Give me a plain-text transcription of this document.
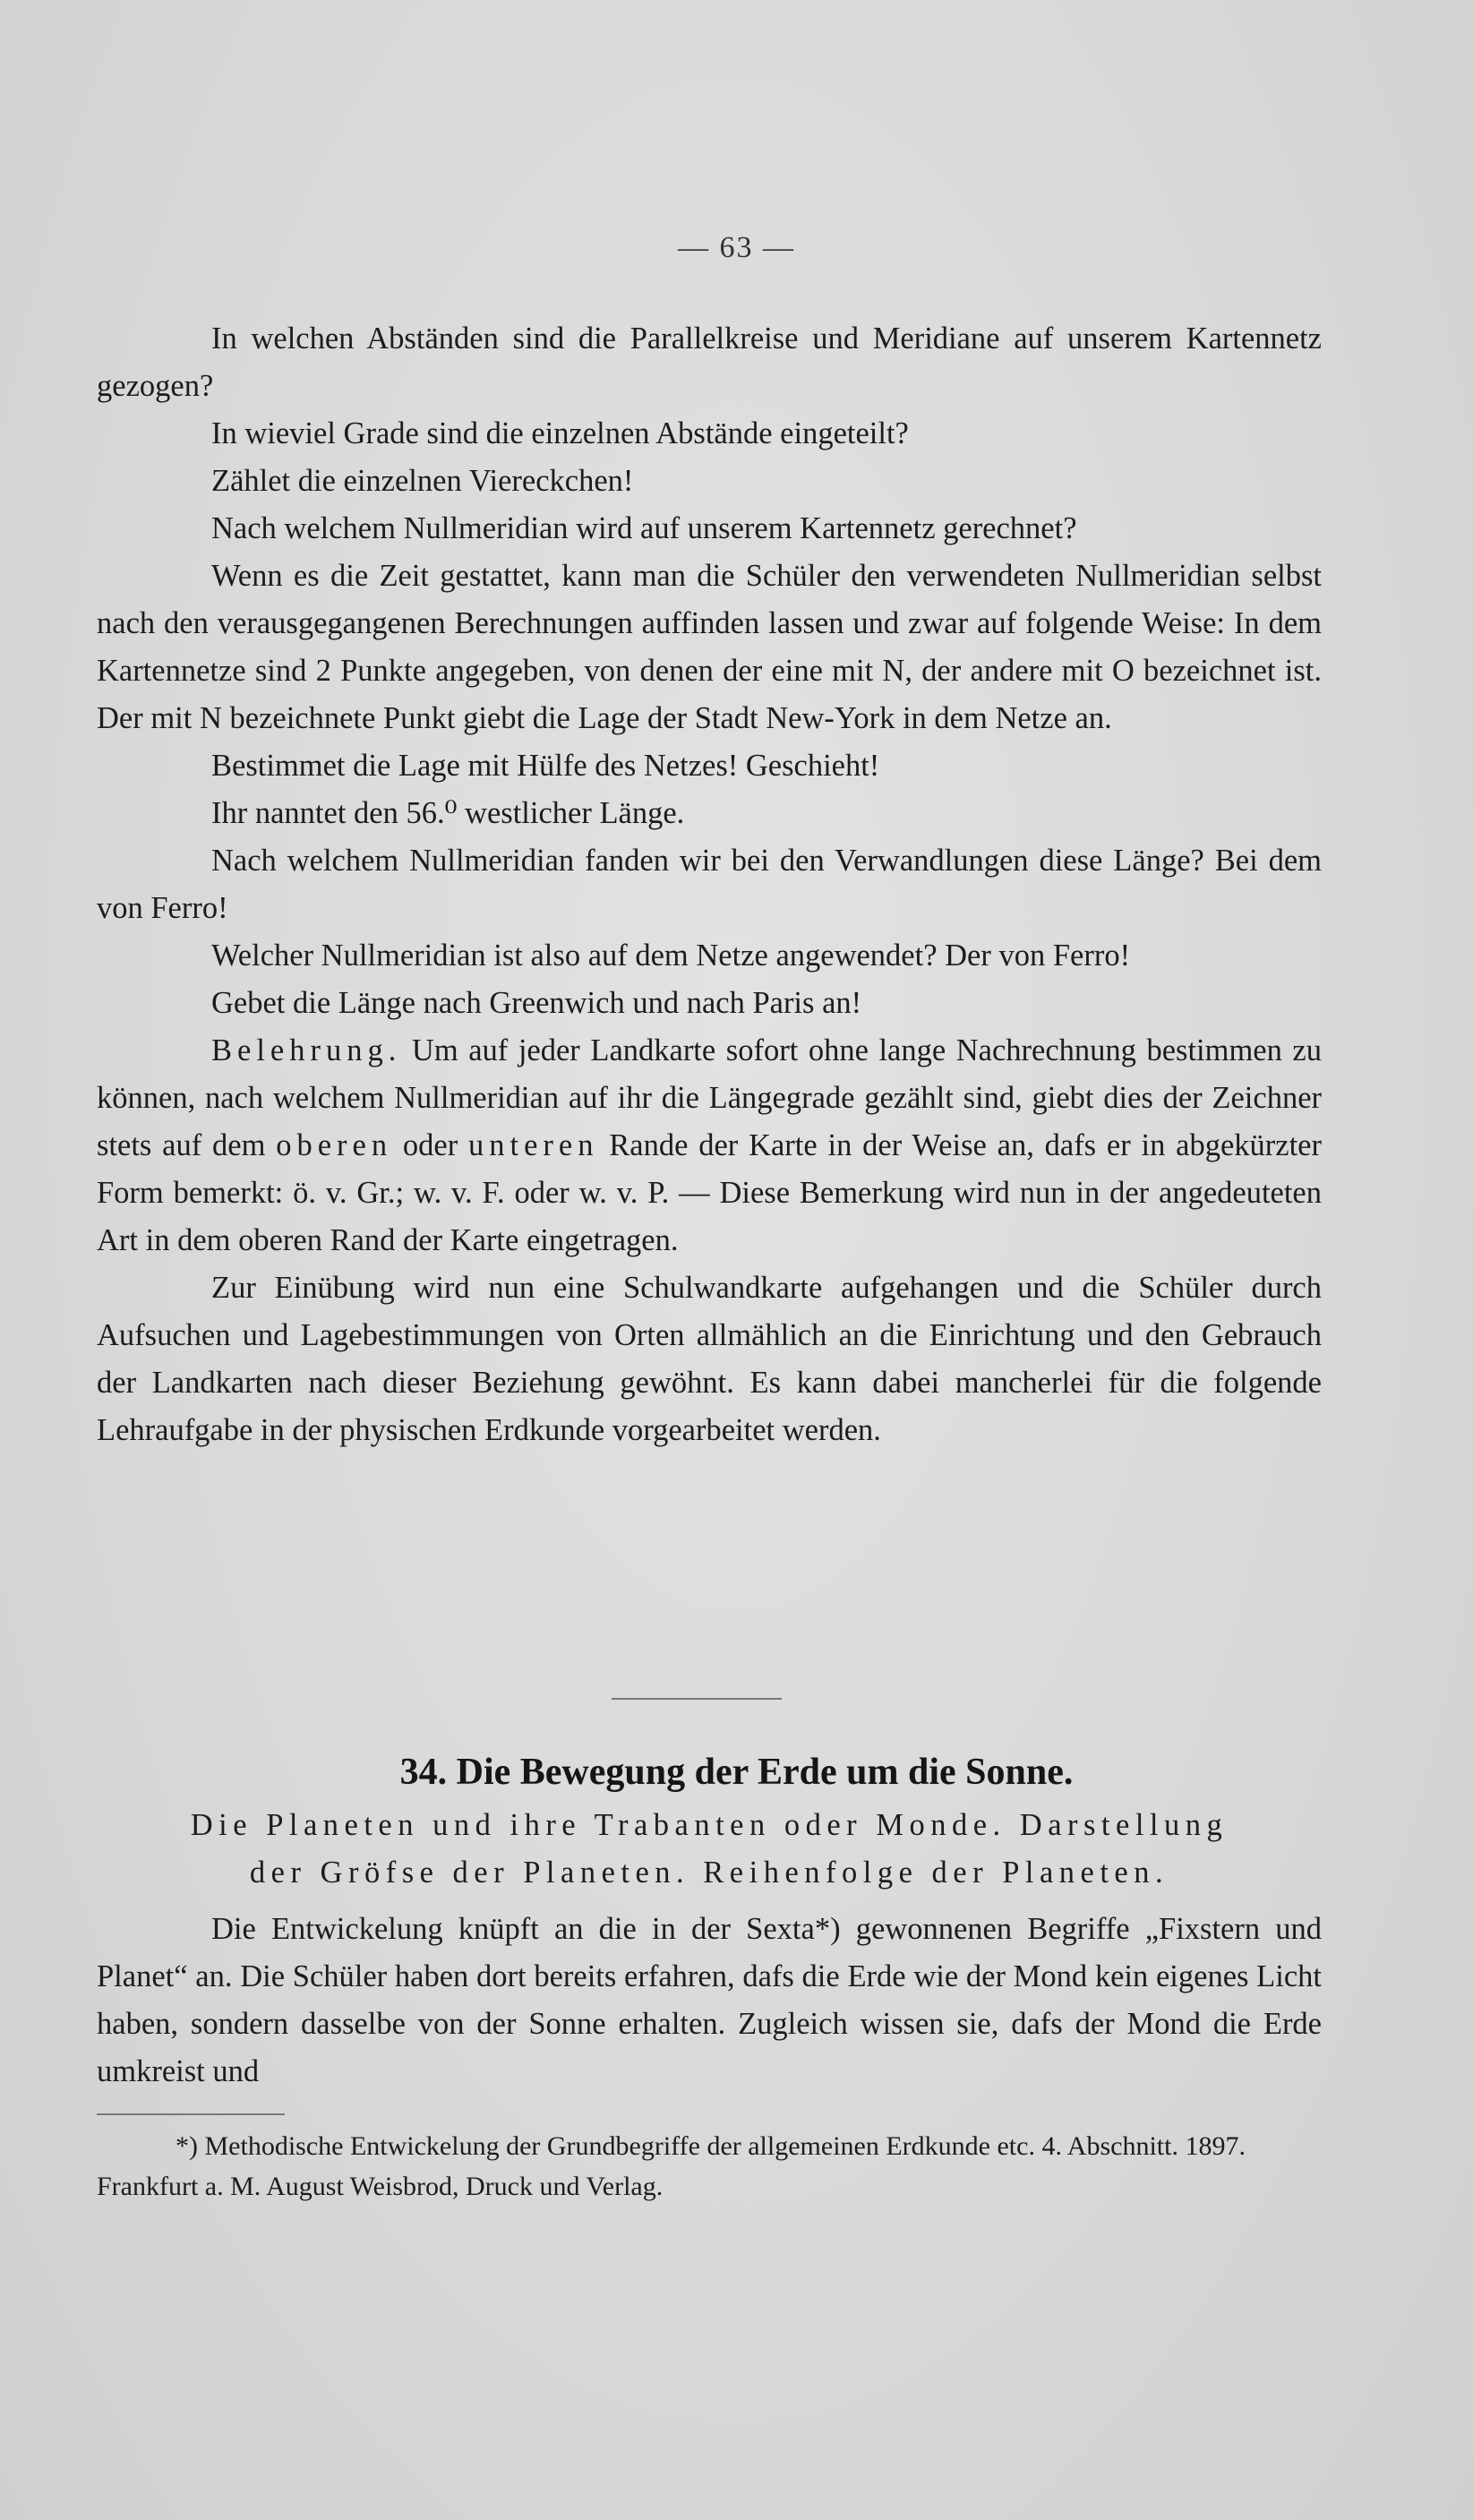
— 63 —

In welchen Abständen sind die Parallelkreise und Meridiane auf unserem Kartennetz gezogen?

In wieviel Grade sind die einzelnen Abstände eingeteilt?

Zählet die einzelnen Viereckchen!

Nach welchem Nullmeridian wird auf unserem Kartennetz gerechnet?

Wenn es die Zeit gestattet, kann man die Schüler den verwendeten Nullmeridian selbst nach den verausgegangenen Berechnungen auffinden lassen und zwar auf folgende Weise: In dem Kartennetze sind 2 Punkte angegeben, von denen der eine mit N, der andere mit O bezeichnet ist. Der mit N bezeichnete Punkt giebt die Lage der Stadt New-York in dem Netze an.

Bestimmet die Lage mit Hülfe des Netzes! Geschieht!

Ihr nanntet den 56.⁰ westlicher Länge.

Nach welchem Nullmeridian fanden wir bei den Verwandlungen diese Länge? Bei dem von Ferro!

Welcher Nullmeridian ist also auf dem Netze angewendet? Der von Ferro!

Gebet die Länge nach Greenwich und nach Paris an!

Belehrung. Um auf jeder Landkarte sofort ohne lange Nachrechnung bestimmen zu können, nach welchem Nullmeridian auf ihr die Längegrade gezählt sind, giebt dies der Zeichner stets auf dem oberen oder unteren Rande der Karte in der Weise an, dafs er in abgekürzter Form bemerkt: ö. v. Gr.; w. v. F. oder w. v. P. — Diese Bemerkung wird nun in der angedeuteten Art in dem oberen Rand der Karte eingetragen.

Zur Einübung wird nun eine Schulwandkarte aufgehangen und die Schüler durch Aufsuchen und Lagebestimmungen von Orten allmählich an die Einrichtung und den Gebrauch der Landkarten nach dieser Beziehung gewöhnt. Es kann dabei mancherlei für die folgende Lehraufgabe in der physischen Erdkunde vorgearbeitet werden.

34. Die Bewegung der Erde um die Sonne.
Die Planeten und ihre Trabanten oder Monde. Darstellung
der Gröfse der Planeten. Reihenfolge der Planeten.

Die Entwickelung knüpft an die in der Sexta*) gewonnenen Begriffe „Fixstern und Planet“ an. Die Schüler haben dort bereits erfahren, dafs die Erde wie der Mond kein eigenes Licht haben, sondern dasselbe von der Sonne erhalten. Zugleich wissen sie, dafs der Mond die Erde umkreist und

*) Methodische Entwickelung der Grundbegriffe der allgemeinen Erdkunde etc. 4. Abschnitt. 1897. Frankfurt a. M. August Weisbrod, Druck und Verlag.
